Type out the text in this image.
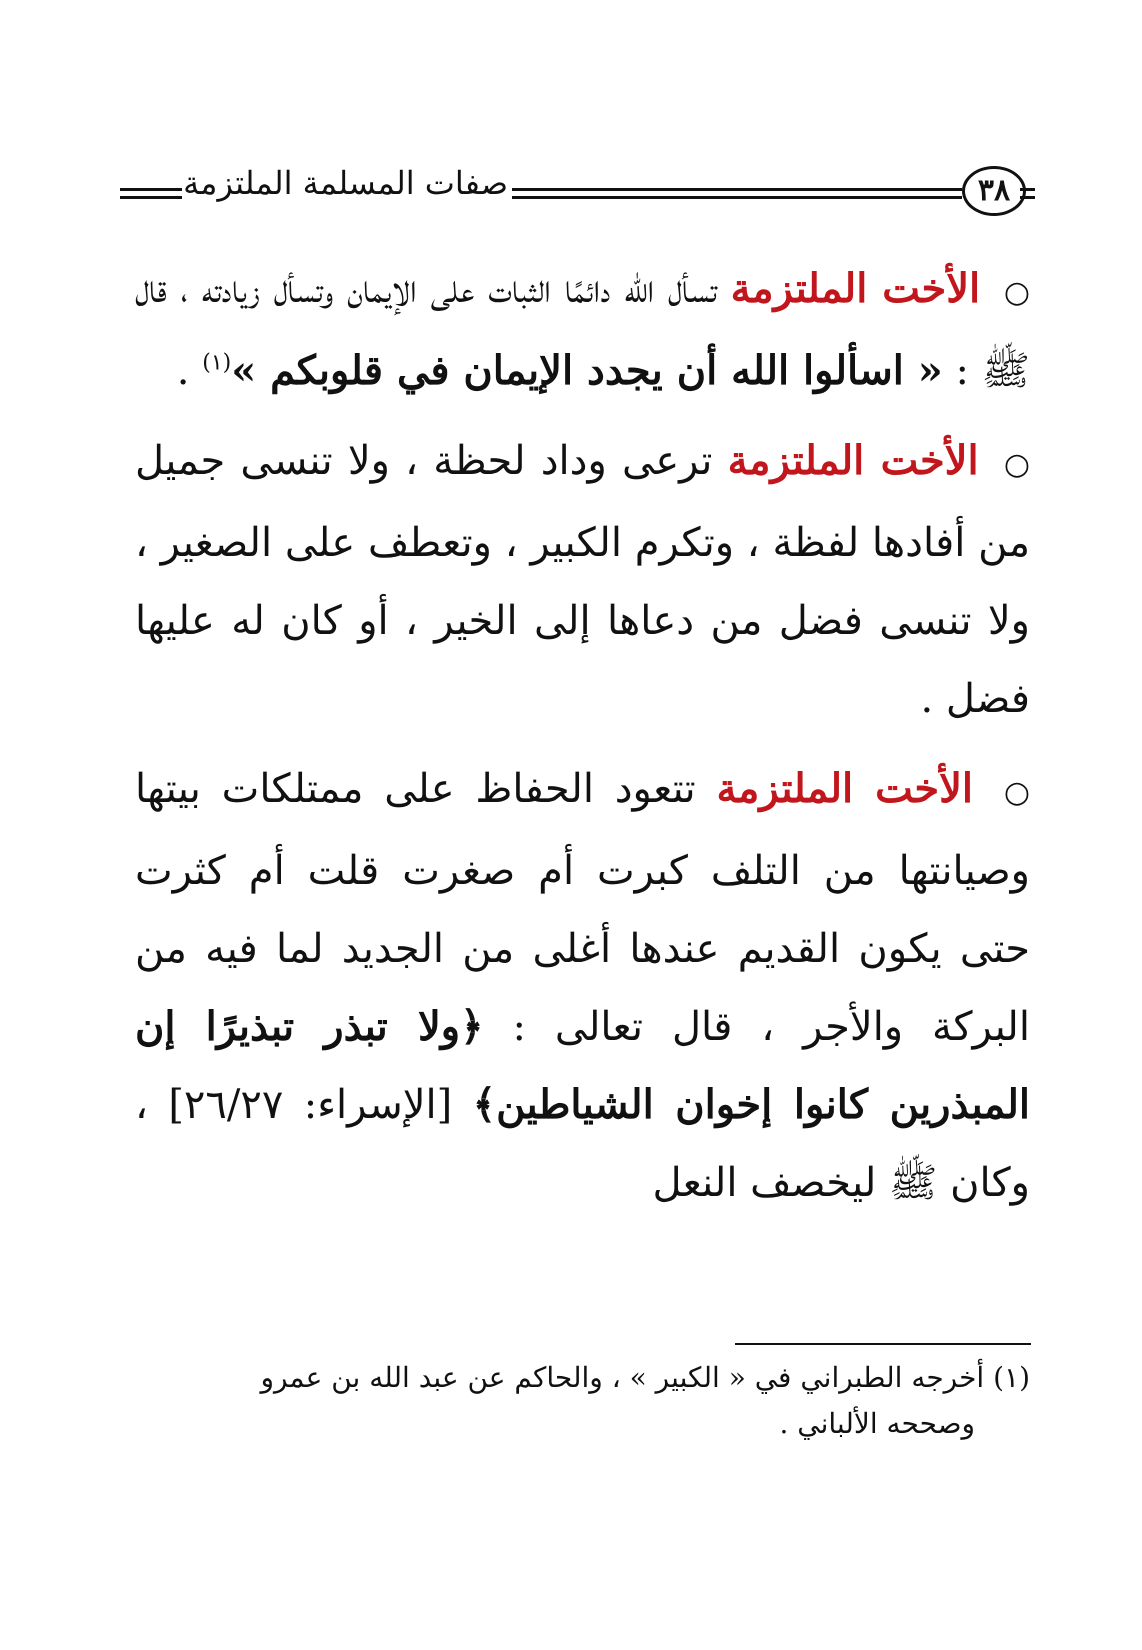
صفات المسلمة الملتزمة	٣٨

○ الأخت الملتزمة تسأل الله دائمًا الثبات على الإيمان وتسأل زيادته ، قال ﷺ : « اسألوا الله أن يجدد الإيمان في قلوبكم »$^{(١)}$ .

○ الأخت الملتزمة ترعى وداد لحظة ، ولا تنسى جميل من أفادها لفظة ، وتكرم الكبير ، وتعطف على الصغير ، ولا تنسى فضل من دعاها إلى الخير ، أو كان له عليها فضل .

○ الأخت الملتزمة تتعود الحفاظ على ممتلكات بيتها وصيانتها من التلف كبرت أم صغرت قلت أم كثرت حتى يكون القديم عندها أغلى من الجديد لما فيه من البركة والأجر ، قال تعالى : ﴿ولا تبذر تبذيرًا إن المبذرين كانوا إخوان الشياطين﴾ [الإسراء: ٢٦/٢٧] ، وكان ﷺ ليخصف النعل

(١) أخرجه الطبراني في « الكبير » ، والحاكم عن عبد الله بن عمرو

وصححه الألباني .
